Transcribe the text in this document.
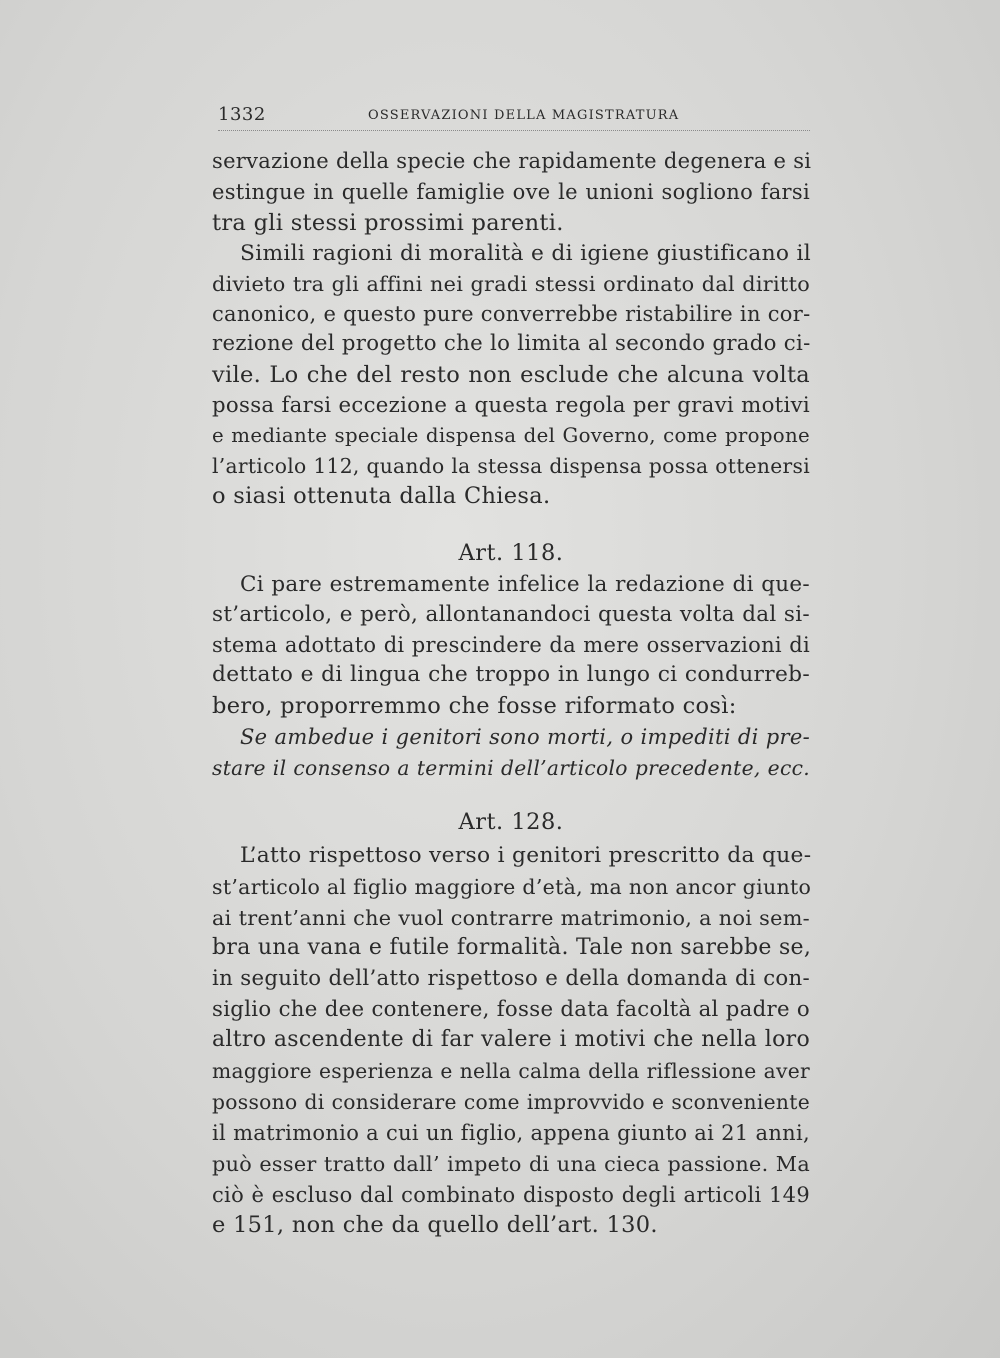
1332	OSSERVAZIONI DELLA MAGISTRATURA
servazione della specie che rapidamente degenera e si
estingue in quelle famiglie ove le unioni sogliono farsi
tra gli stessi prossimi parenti.
Simili ragioni di moralità e di igiene giustificano il
divieto tra gli affini nei gradi stessi ordinato dal diritto
canonico, e questo pure converrebbe ristabilire in cor-
rezione del progetto che lo limita al secondo grado ci-
vile. Lo che del resto non esclude che alcuna volta
possa farsi eccezione a questa regola per gravi motivi
e mediante speciale dispensa del Governo, come propone
l’articolo 112, quando la stessa dispensa possa ottenersi
o siasi ottenuta dalla Chiesa.
Art. 118.
Ci pare estremamente infelice la redazione di que-
st’articolo, e però, allontanandoci questa volta dal si-
stema adottato di prescindere da mere osservazioni di
dettato e di lingua che troppo in lungo ci condurreb-
bero, proporremmo che fosse riformato così:
Se ambedue i genitori sono morti, o impediti di pre-
stare il consenso a termini dell’articolo precedente, ecc.
Art. 128.
L’atto rispettoso verso i genitori prescritto da que-
st’articolo al figlio maggiore d’età, ma non ancor giunto
ai trent’anni che vuol contrarre matrimonio, a noi sem-
bra una vana e futile formalità. Tale non sarebbe se,
in seguito dell’atto rispettoso e della domanda di con-
siglio che dee contenere, fosse data facoltà al padre o
altro ascendente di far valere i motivi che nella loro
maggiore esperienza e nella calma della riflessione aver
possono di considerare come improvvido e sconveniente
il matrimonio a cui un figlio, appena giunto ai 21 anni,
può esser tratto dall’ impeto di una cieca passione. Ma
ciò è escluso dal combinato disposto degli articoli 149
e 151, non che da quello dell’art. 130.
